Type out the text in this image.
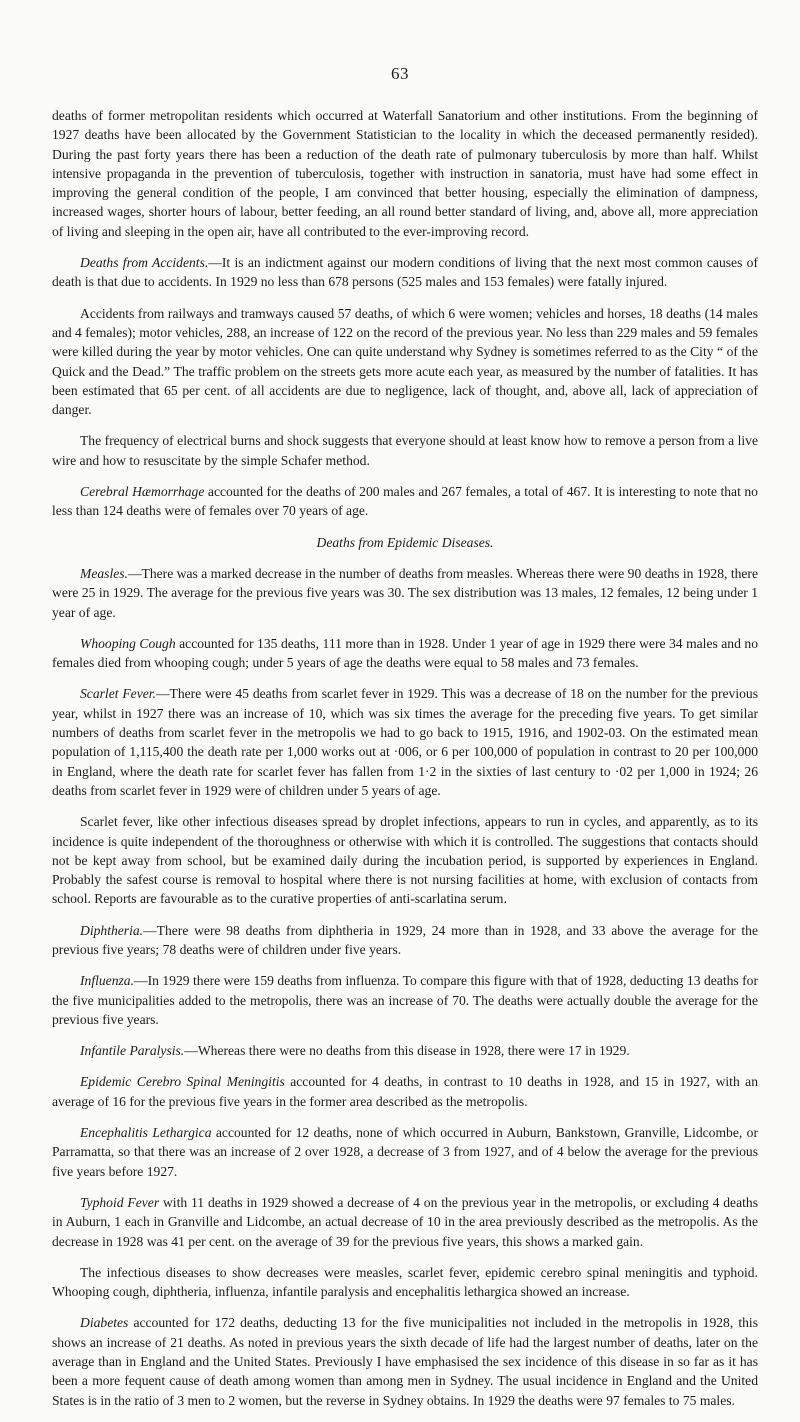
63

deaths of former metropolitan residents which occurred at Waterfall Sanatorium and other institutions. From the beginning of 1927 deaths have been allocated by the Government Statistician to the locality in which the deceased permanently resided). During the past forty years there has been a reduction of the death rate of pulmonary tuberculosis by more than half. Whilst intensive propaganda in the prevention of tuberculosis, together with instruction in sanatoria, must have had some effect in improving the general condition of the people, I am convinced that better housing, especially the elimination of dampness, increased wages, shorter hours of labour, better feeding, an all round better standard of living, and, above all, more appreciation of living and sleeping in the open air, have all contributed to the ever-improving record.

Deaths from Accidents.—It is an indictment against our modern conditions of living that the next most common causes of death is that due to accidents. In 1929 no less than 678 persons (525 males and 153 females) were fatally injured.

Accidents from railways and tramways caused 57 deaths, of which 6 were women; vehicles and horses, 18 deaths (14 males and 4 females); motor vehicles, 288, an increase of 122 on the record of the previous year. No less than 229 males and 59 females were killed during the year by motor vehicles. One can quite understand why Sydney is sometimes referred to as the City “ of the Quick and the Dead.” The traffic problem on the streets gets more acute each year, as measured by the number of fatalities. It has been estimated that 65 per cent. of all accidents are due to negligence, lack of thought, and, above all, lack of appreciation of danger.

The frequency of electrical burns and shock suggests that everyone should at least know how to remove a person from a live wire and how to resuscitate by the simple Schafer method.

Cerebral Hæmorrhage accounted for the deaths of 200 males and 267 females, a total of 467. It is interesting to note that no less than 124 deaths were of females over 70 years of age.

Deaths from Epidemic Diseases.

Measles.—There was a marked decrease in the number of deaths from measles. Whereas there were 90 deaths in 1928, there were 25 in 1929. The average for the previous five years was 30. The sex distribution was 13 males, 12 females, 12 being under 1 year of age.

Whooping Cough accounted for 135 deaths, 111 more than in 1928. Under 1 year of age in 1929 there were 34 males and no females died from whooping cough; under 5 years of age the deaths were equal to 58 males and 73 females.

Scarlet Fever.—There were 45 deaths from scarlet fever in 1929. This was a decrease of 18 on the number for the previous year, whilst in 1927 there was an increase of 10, which was six times the average for the preceding five years. To get similar numbers of deaths from scarlet fever in the metropolis we had to go back to 1915, 1916, and 1902-03. On the estimated mean population of 1,115,400 the death rate per 1,000 works out at ·006, or 6 per 100,000 of population in contrast to 20 per 100,000 in England, where the death rate for scarlet fever has fallen from 1·2 in the sixties of last century to ·02 per 1,000 in 1924; 26 deaths from scarlet fever in 1929 were of children under 5 years of age.

Scarlet fever, like other infectious diseases spread by droplet infections, appears to run in cycles, and apparently, as to its incidence is quite independent of the thoroughness or otherwise with which it is controlled. The suggestions that contacts should not be kept away from school, but be examined daily during the incubation period, is supported by experiences in England. Probably the safest course is removal to hospital where there is not nursing facilities at home, with exclusion of contacts from school. Reports are favourable as to the curative properties of anti-scarlatina serum.

Diphtheria.—There were 98 deaths from diphtheria in 1929, 24 more than in 1928, and 33 above the average for the previous five years; 78 deaths were of children under five years.

Influenza.—In 1929 there were 159 deaths from influenza. To compare this figure with that of 1928, deducting 13 deaths for the five municipalities added to the metropolis, there was an increase of 70. The deaths were actually double the average for the previous five years.

Infantile Paralysis.—Whereas there were no deaths from this disease in 1928, there were 17 in 1929.

Epidemic Cerebro Spinal Meningitis accounted for 4 deaths, in contrast to 10 deaths in 1928, and 15 in 1927, with an average of 16 for the previous five years in the former area described as the metropolis.

Encephalitis Lethargica accounted for 12 deaths, none of which occurred in Auburn, Bankstown, Granville, Lidcombe, or Parramatta, so that there was an increase of 2 over 1928, a decrease of 3 from 1927, and of 4 below the average for the previous five years before 1927.

Typhoid Fever with 11 deaths in 1929 showed a decrease of 4 on the previous year in the metropolis, or excluding 4 deaths in Auburn, 1 each in Granville and Lidcombe, an actual decrease of 10 in the area previously described as the metropolis. As the decrease in 1928 was 41 per cent. on the average of 39 for the previous five years, this shows a marked gain.

The infectious diseases to show decreases were measles, scarlet fever, epidemic cerebro spinal meningitis and typhoid. Whooping cough, diphtheria, influenza, infantile paralysis and encephalitis lethargica showed an increase.

Diabetes accounted for 172 deaths, deducting 13 for the five municipalities not included in the metropolis in 1928, this shows an increase of 21 deaths. As noted in previous years the sixth decade of life had the largest number of deaths, later on the average than in England and the United States. Previously I have emphasised the sex incidence of this disease in so far as it has been a more fequent cause of death among women than among men in Sydney. The usual incidence in England and the United States is in the ratio of 3 men to 2 women, but the reverse in Sydney obtains. In 1929 the deaths were 97 females to 75 males.
